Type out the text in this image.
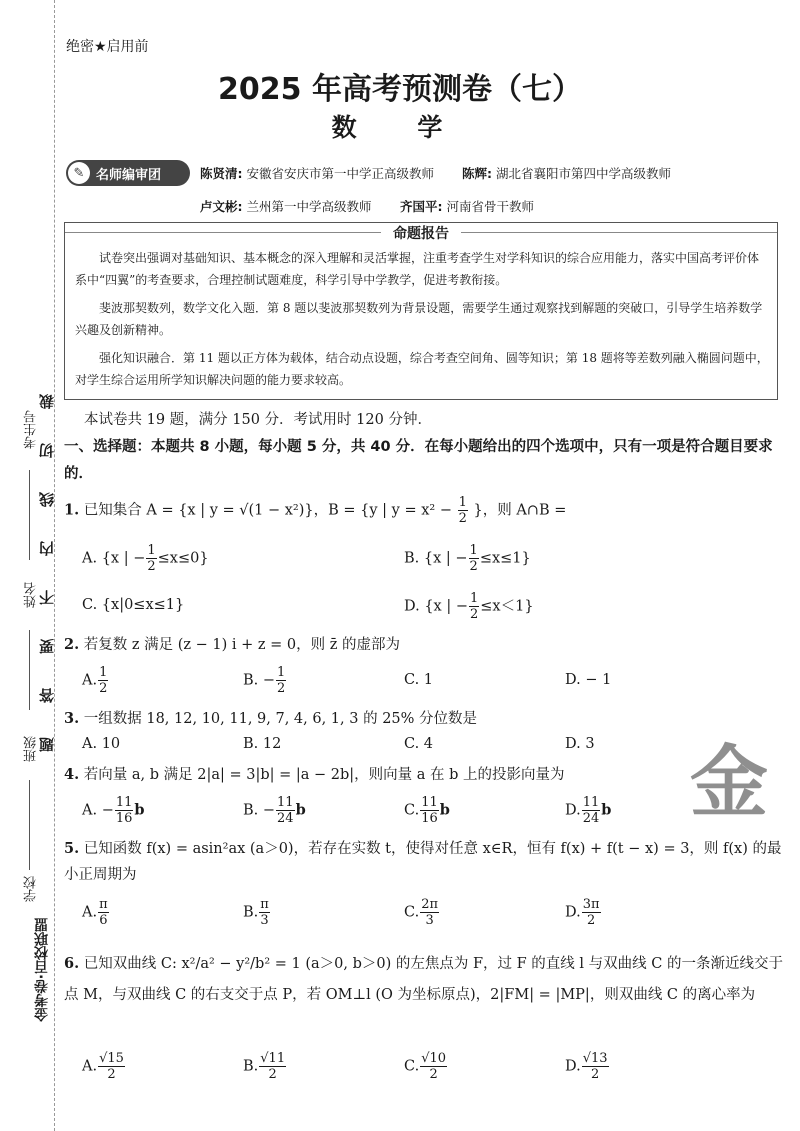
考生号
姓名
班级
学校
题答要不内线切裁
金考卷·百校联盟
绝密★启用前
2025 年高考预测卷（七）
数 学
✎ 名师编审团	陈贤清: 安徽省安庆市第一中学正高级教师 陈辉: 湖北省襄阳市第四中学高级教师
卢文彬: 兰州第一中学高级教师 齐国平: 河南省骨干教师
命题报告
试卷突出强调对基础知识、基本概念的深入理解和灵活掌握，注重考查学生对学科知识的综合应用能力，落实中国高考评价体系中“四翼”的考查要求，合理控制试题难度，科学引导中学教学，促进考教衔接。
斐波那契数列，数学文化入题．第 8 题以斐波那契数列为背景设题，需要学生通过观察找到解题的突破口，引导学生培养数学兴趣及创新精神。
强化知识融合．第 11 题以正方体为载体，结合动点设题，综合考查空间角、圆等知识；第 18 题将等差数列融入椭圆问题中，对学生综合运用所学知识解决问题的能力要求较高。
本试卷共 19 题，满分 150 分．考试用时 120 分钟．
一、选择题：本题共 8 小题，每小题 5 分，共 40 分．在每小题给出的四个选项中，只有一项是符合题目要求的．
1. 已知集合 A = {x | y = √(1 − x²)}，B = {y | $y = x^2 - \frac{1}{2}$ }，则 A∩B =
A. {x | − $\frac{1}{2} \le x\le 0$}	B. {x | − $\frac{1}{2} \le x\le 1$}
C. {x|0≤x≤1}	D. {x | − $\frac{1}{2} \le x<1$}
2. 若复数 z 满足 (z − 1) i + z = 0，则 z̄ 的虚部为
A. $\frac{1}{2}$	B. − $\frac{1}{2}$	C. 1	D. − 1
3. 一组数据 18, 12, 10, 11, 9, 7, 4, 6, 1, 3 的 25% 分位数是
A. 10	B. 12	C. 4	D. 3
4. 若向量 a, b 满足 2|a| = 3|b| = |a − 2b|，则向量 a 在 b 上的投影向量为
A. − $\frac{11}{16}$ b	B. − $\frac{11}{24}$ b	C. $\frac{11}{16}$ b	D. $\frac{11}{24}$ b
5. 已知函数 f(x) = asin²ax (a＞0)，若存在实数 t，使得对任意 x∈R，恒有 f(x) + f(t − x) = 3，则 f(x) 的最小正周期为
A. $\frac{\pi}{6}$	B. $\frac{\pi}{3}$	C. $\frac{2\pi}{3}$	D. $\frac{3\pi}{2}$
6. 已知双曲线 C: x²/a² − y²/b² = 1 (a＞0, b＞0) 的左焦点为 F，过 F 的直线 l 与双曲线 C 的一条渐近线交于点 M，与双曲线 C 的右支交于点 P，若 OM⊥l (O 为坐标原点)，2|FM| = |MP|，则双曲线 C 的离心率为
A. $\frac{√15}{2}$	B. $\frac{√11}{2}$	C. $\frac{√10}{2}$	D. $\frac{√13}{2}$
金
